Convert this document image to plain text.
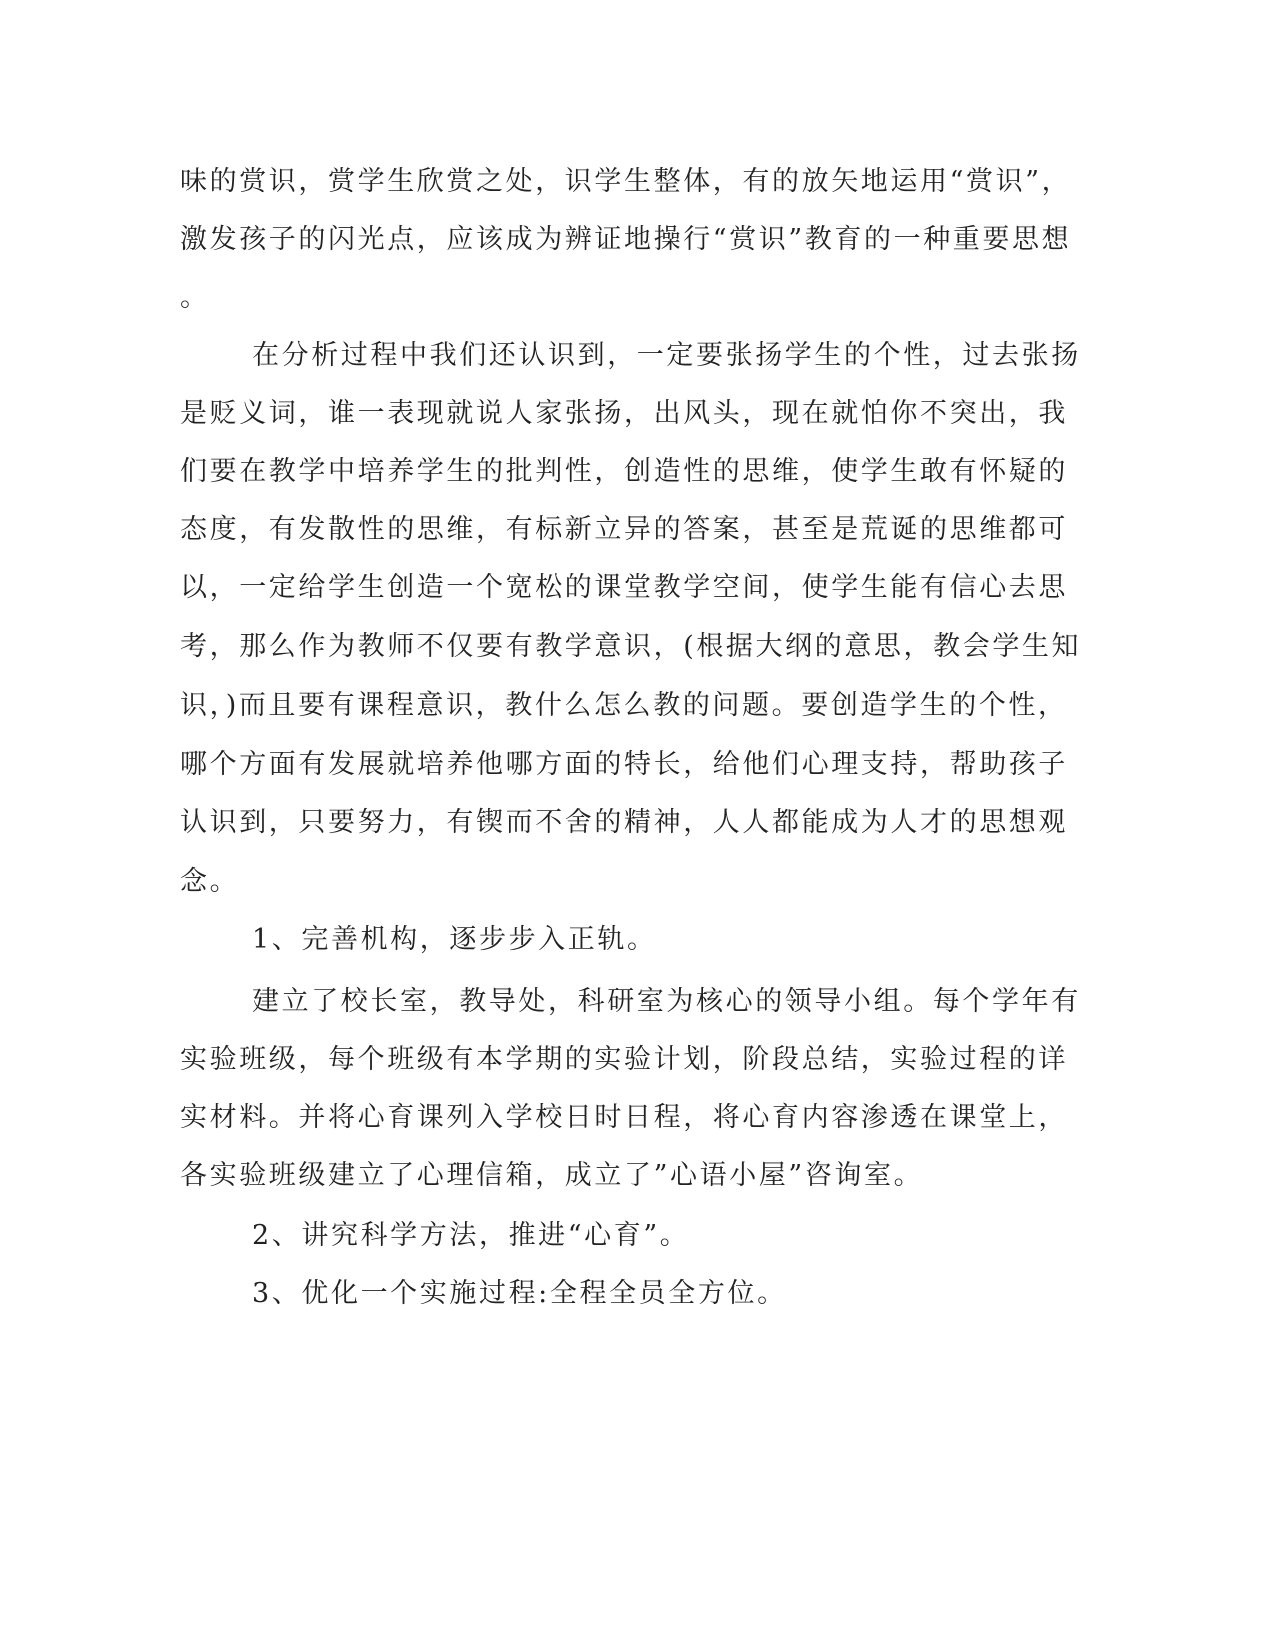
味的赏识，赏学生欣赏之处，识学生整体，有的放矢地运用“赏识”，
激发孩子的闪光点，应该成为辨证地操行“赏识”教育的一种重要思想
。
在分析过程中我们还认识到，一定要张扬学生的个性，过去张扬
是贬义词，谁一表现就说人家张扬，出风头，现在就怕你不突出，我
们要在教学中培养学生的批判性，创造性的思维，使学生敢有怀疑的
态度，有发散性的思维，有标新立异的答案，甚至是荒诞的思维都可
以，一定给学生创造一个宽松的课堂教学空间，使学生能有信心去思
考，那么作为教师不仅要有教学意识，(根据大纲的意思，教会学生知
识，)而且要有课程意识，教什么怎么教的问题。要创造学生的个性，
哪个方面有发展就培养他哪方面的特长，给他们心理支持，帮助孩子
认识到，只要努力，有锲而不舍的精神，人人都能成为人才的思想观
念。
1、完善机构，逐步步入正轨。
建立了校长室，教导处，科研室为核心的领导小组。每个学年有
实验班级，每个班级有本学期的实验计划，阶段总结，实验过程的详
实材料。并将心育课列入学校日时日程，将心育内容渗透在课堂上，
各实验班级建立了心理信箱，成立了”心语小屋”咨询室。
2、讲究科学方法，推进“心育”。
3、优化一个实施过程:全程全员全方位。
